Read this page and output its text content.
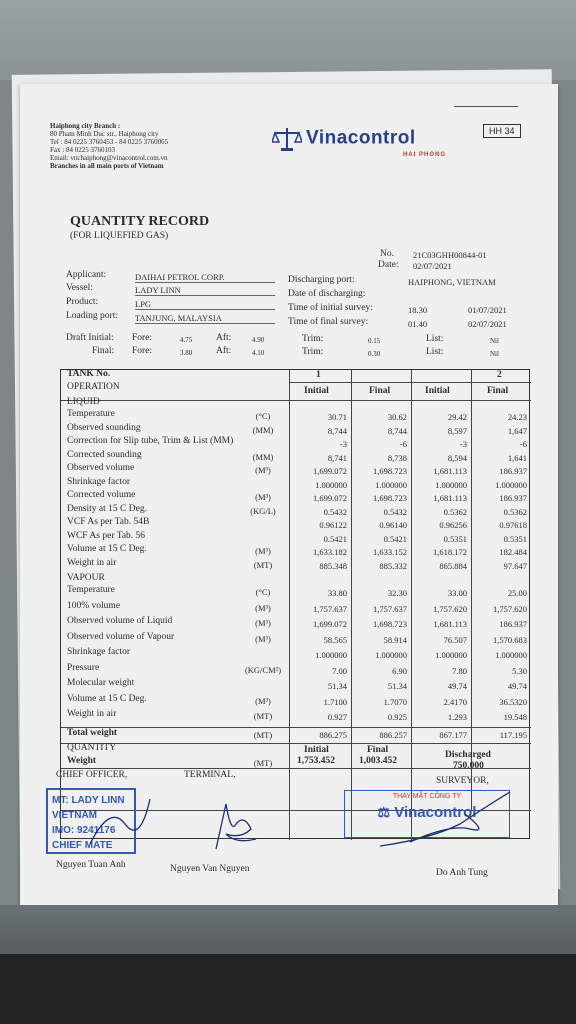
Haiphong city Branch :
80 Pham Minh Duc str., Haiphong city
Tel : 84 0225 3760453 - 84 0225 3760065
Fax : 84 0225 3760103
Email: vnchaiphong@vinacontrol.com.vn
Branches in all main ports of Vietnam
Vinacontrol
HAI PHONG
HH 34
QUANTITY RECORD
(FOR LIQUEFIED GAS)
No. 21C03GHH00844-01
Date: 02/07/2021
Applicant:	DAIHAI PETROL CORP.
Vessel:	LADY LINN
Product:	LPG
Loading port: TANJUNG, MALAYSIA
Discharging port:	HAIPHONG, VIETNAM
Date of discharging:
Time of initial survey:	18.30	01/07/2021
Time of final survey:	01.40	02/07/2021
Draft Initial: Fore:	4.75	Aft:	4.90
Final: Fore:	3.80	Aft:	4.10
Trim:	0.15
Trim:	0.30
List:	Nil
List:	Nil
TANK No.
OPERATION
1	2
Initial	Final	Initial	Final
LIQUID
VAPOUR
Temperature	(°C)	30.71	30.62	29.42	24.23
Observed sounding	(MM)	8,744	8,744	8,597	1,647
Correction for Slip tube, Trim & List (MM)	-3	-6	-3	-6
Corrected sounding	(MM)	8,741	8,738	8,594	1,641
Observed volume	(M³)	1,699.072	1,698.723	1,681.113	186.937
Shrinkage factor	1.000000	1.000000	1.000000	1.000000
Corrected volume	(M³)	1,699.072	1,698.723	1,681.113	186.937
Density at 15 C Deg.	(KG/L)	0.5432	0.5432	0.5362	0.5362
VCF As per Tab. 54B	0.96122	0.96140	0.96256	0.97618
WCF As per Tab. 56	0.5421	0.5421	0.5351	0.5351
Volume at 15 C Deg.	(M³)	1,633.182	1,633.152	1,618.172	182.484
Weight in air	(MT)	885.348	885.332	865.884	97.647
Temperature	(°C)	33.80	32.30	33.00	25.00
100% volume	(M³)	1,757.637	1,757.637	1,757.620	1,757.620
Observed volume of Liquid	(M³)	1,699.072	1,698.723	1,681.113	186.937
Observed volume of Vapour	(M³)	58.565	58.914	76.507	1,570.683
Shrinkage factor	1.000000	1.000000	1.000000	1.000000
Pressure	(KG/CM²)	7.00	6.90	7.80	5.30
Molecular weight	51.34	51.34	49.74	49.74
Volume at 15 C Deg.	(M³)	1.7100	1.7070	2.4170	36.5320
Weight in air	(MT)	0.927	0.925	1.293	19.548
Total weight	(MT)	886.275	886.257	867.177	117.195
QUANTITY
Weight	(MT)
Initial	Final	Discharged
1,753.452	1,003.452	750.000
CHIEF OFFICER,	TERMINAL,
SURVEYOR,
MT: LADY LINN
VIETNAM
IMO: 9241176
CHIEF MATE
THAY MẶT CÔNG TY
⚖ Vinacontrol
Nguyen Tuan Anh	Nguyen Van Nguyen	Do Anh Tung
